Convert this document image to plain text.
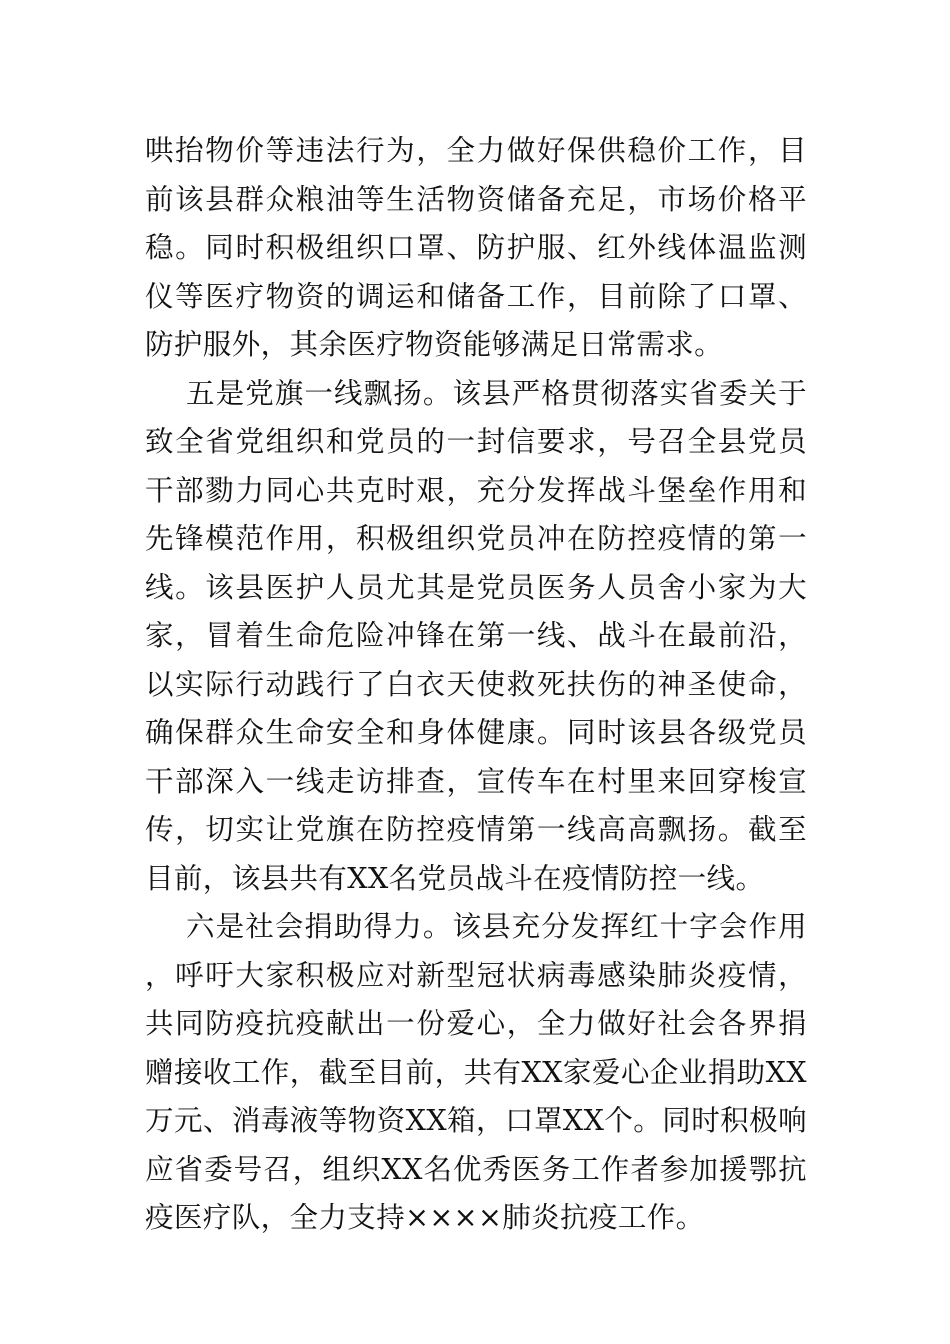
哄抬物价等违法行为，全力做好保供稳价工作，目前该县群众粮油等生活物资储备充足，市场价格平稳。同时积极组织口罩、防护服、红外线体温监测仪等医疗物资的调运和储备工作，目前除了口罩、防护服外，其余医疗物资能够满足日常需求。

五是党旗一线飘扬。该县严格贯彻落实省委关于致全省党组织和党员的一封信要求，号召全县党员干部勠力同心共克时艰，充分发挥战斗堡垒作用和先锋模范作用，积极组织党员冲在防控疫情的第一线。该县医护人员尤其是党员医务人员舍小家为大家，冒着生命危险冲锋在第一线、战斗在最前沿，以实际行动践行了白衣天使救死扶伤的神圣使命，确保群众生命安全和身体健康。同时该县各级党员干部深入一线走访排查，宣传车在村里来回穿梭宣传，切实让党旗在防控疫情第一线高高飘扬。截至目前，该县共有XX名党员战斗在疫情防控一线。

六是社会捐助得力。该县充分发挥红十字会作用，呼吁大家积极应对新型冠状病毒感染肺炎疫情，共同防疫抗疫献出一份爱心，全力做好社会各界捐赠接收工作，截至目前，共有XX家爱心企业捐助XX万元、消毒液等物资XX箱，口罩XX个。同时积极响应省委号召，组织XX名优秀医务工作者参加援鄂抗疫医疗队，全力支持××××肺炎抗疫工作。
